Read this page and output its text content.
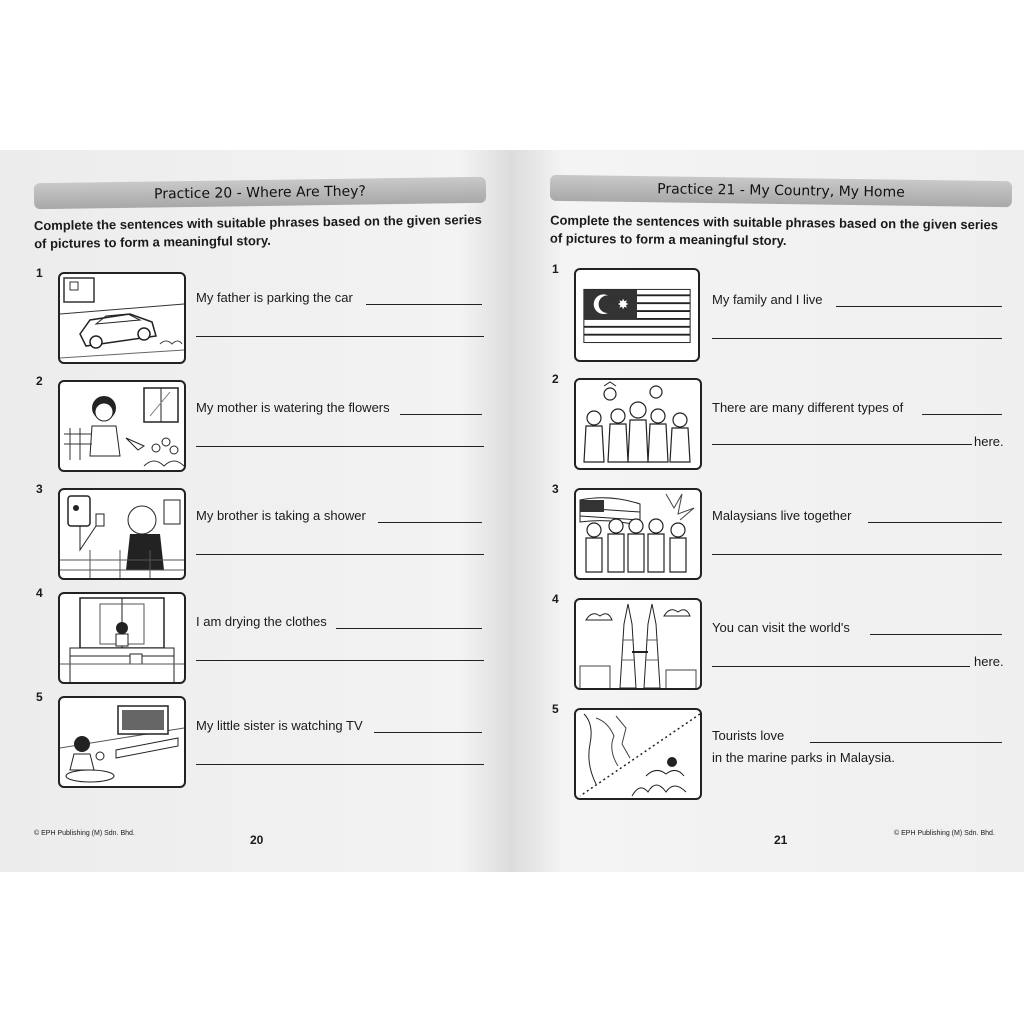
Practice 20 - Where Are They?
Complete the sentences with suitable phrases based on the given series of pictures to form a meaningful story.
1
My father is parking the car
2
My mother is watering the flowers
3
My brother is taking a shower
4
I am drying the clothes
5
My little sister is watching TV
© EPH Publishing (M) Sdn. Bhd.	20
Practice 21 - My Country, My Home
Complete the sentences with suitable phrases based on the given series of pictures to form a meaningful story.
1
✸	My family and I live
2
There are many different types of
here.
3
Malaysians live together
4
You can visit the world's
here.
5
Tourists love
in the marine parks in Malaysia.
21	© EPH Publishing (M) Sdn. Bhd.
